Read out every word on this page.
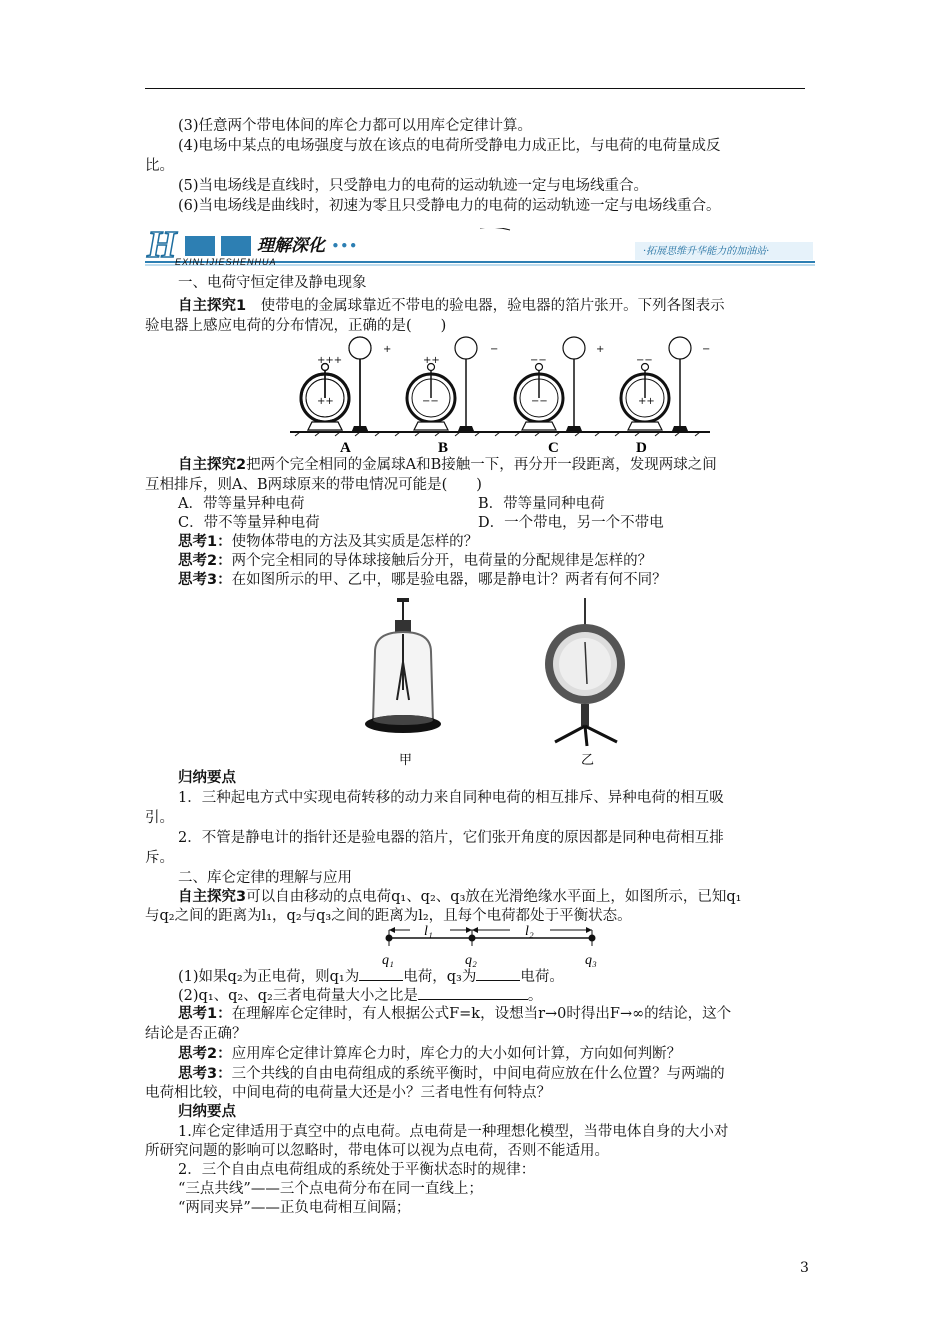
(3)任意两个带电体间的库仑力都可以用库仑定律计算。
(4)电场中某点的电场强度与放在该点的电荷所受静电力成正比，与电荷的电荷量成反
比。
(5)当电场线是直线时，只受静电力的电荷的运动轨迹一定与电场线重合。
(6)当电场线是曲线时，初速为零且只受静电力的电荷的运动轨迹一定与电场线重合。
H	理解深化 •••
EXINLIJIESHENHUA
·拓展思维升华能力的加油站·
一、电荷守恒定律及静电现象
自主探究1　使带电的金属球靠近不带电的验电器，验电器的箔片张开。下列各图表示
验电器上感应电荷的分布情况，正确的是(　　)
+++
++
+
++
−−
−
−−
−−
+
−−
++
−
A	B	C	D
自主探究2把两个完全相同的金属球A和B接触一下，再分开一段距离，发现两球之间
互相排斥，则A、B两球原来的带电情况可能是(　　)
A．带等量异种电荷	B．带等量同种电荷
C．带不等量异种电荷	D．一个带电，另一个不带电
思考1：使物体带电的方法及其实质是怎样的？
思考2：两个完全相同的导体球接触后分开，电荷量的分配规律是怎样的？
思考3：在如图所示的甲、乙中，哪是验电器，哪是静电计？两者有何不同？
甲	乙
归纳要点
1．三种起电方式中实现电荷转移的动力来自同种电荷的相互排斥、异种电荷的相互吸
引。
2．不管是静电计的指针还是验电器的箔片，它们张开角度的原因都是同种电荷相互排
斥。
二、库仑定律的理解与应用
自主探究3可以自由移动的点电荷q₁、q₂、q₃放在光滑绝缘水平面上，如图所示，已知q₁
与q₂之间的距离为l₁，q₂与q₃之间的距离为l₂，且每个电荷都处于平衡状态。
l₁	l₂
q₁	q₂	q₃
(1)如果q₂为正电荷，则q₁为	电荷，q₃为	电荷。
(2)q₁、q₂、q₂三者电荷量大小之比是	。
思考1：在理解库仑定律时，有人根据公式F=k，设想当r→0时得出F→∞的结论，这个
结论是否正确？
思考2：应用库仑定律计算库仑力时，库仑力的大小如何计算，方向如何判断？
思考3：三个共线的自由电荷组成的系统平衡时，中间电荷应放在什么位置？与两端的
电荷相比较，中间电荷的电荷量大还是小？三者电性有何特点？
归纳要点
1.库仑定律适用于真空中的点电荷。点电荷是一种理想化模型，当带电体自身的大小对
所研究问题的影响可以忽略时，带电体可以视为点电荷，否则不能适用。
2．三个自由点电荷组成的系统处于平衡状态时的规律：
“三点共线”——三个点电荷分布在同一直线上；
“两同夹异”——正负电荷相互间隔；
3
